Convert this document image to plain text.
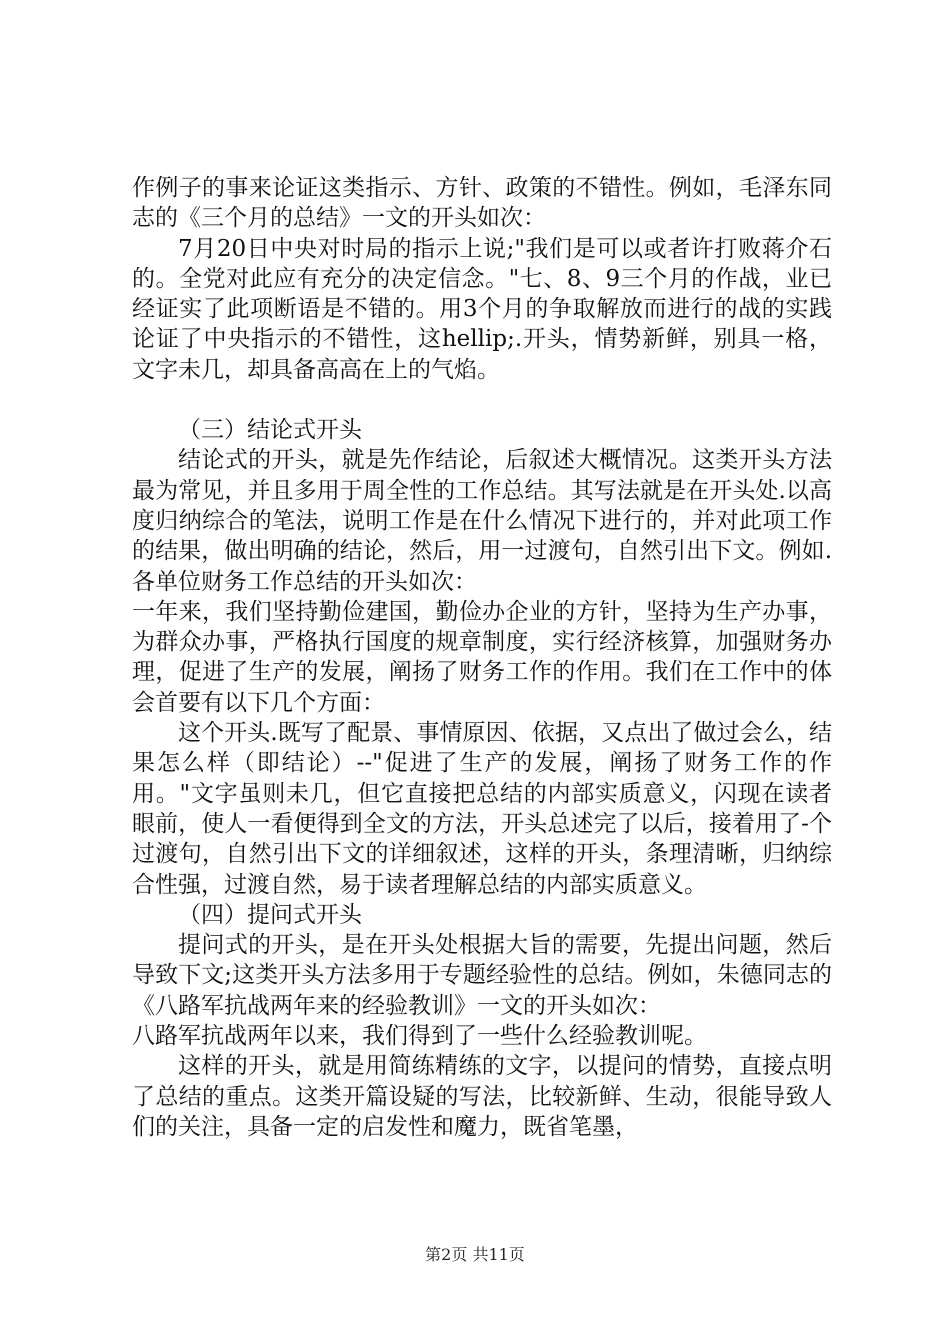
作例子的事来论证这类指示、方针、政策的不错性。例如，毛泽东同志的《三个月的总结》一文的开头如次：

7月20日中央对时局的指示上说;"我们是可以或者许打败蒋介石的。全党对此应有充分的决定信念。"七、8、9三个月的作战，业已经证实了此项断语是不错的。用3个月的争取解放而进行的战的实践论证了中央指示的不错性，这hellip;.开头，情势新鲜，别具一格，文字未几，却具备高高在上的气焰。

（三）结论式开头

结论式的开头，就是先作结论，后叙述大概情况。这类开头方法最为常见，并且多用于周全性的工作总结。其写法就是在开头处.以高度归纳综合的笔法，说明工作是在什么情况下进行的，并对此项工作的结果，做出明确的结论，然后，用一过渡句，自然引出下文。例如.各单位财务工作总结的开头如次：

一年来，我们坚持勤俭建国，勤俭办企业的方针，坚持为生产办事，为群众办事，严格执行国度的规章制度，实行经济核算，加强财务办理，促进了生产的发展，阐扬了财务工作的作用。我们在工作中的体会首要有以下几个方面：

这个开头.既写了配景、事情原因、依据，又点出了做过会么，结果怎么样（即结论）--"促进了生产的发展，阐扬了财务工作的作用。"文字虽则未几，但它直接把总结的内部实质意义，闪现在读者眼前，使人一看便得到全文的方法，开头总述完了以后，接着用了-个过渡句，自然引出下文的详细叙述，这样的开头，条理清晰，归纳综合性强，过渡自然，易于读者理解总结的内部实质意义。

（四）提问式开头

提问式的开头，是在开头处根据大旨的需要，先提出问题，然后导致下文;这类开头方法多用于专题经验性的总结。例如，朱德同志的《八路军抗战两年来的经验教训》一文的开头如次：

八路军抗战两年以来，我们得到了一些什么经验教训呢。

这样的开头，就是用简练精练的文字，以提问的情势，直接点明了总结的重点。这类开篇设疑的写法，比较新鲜、生动，很能导致人们的关注，具备一定的启发性和魔力，既省笔墨，

第2页 共11页
